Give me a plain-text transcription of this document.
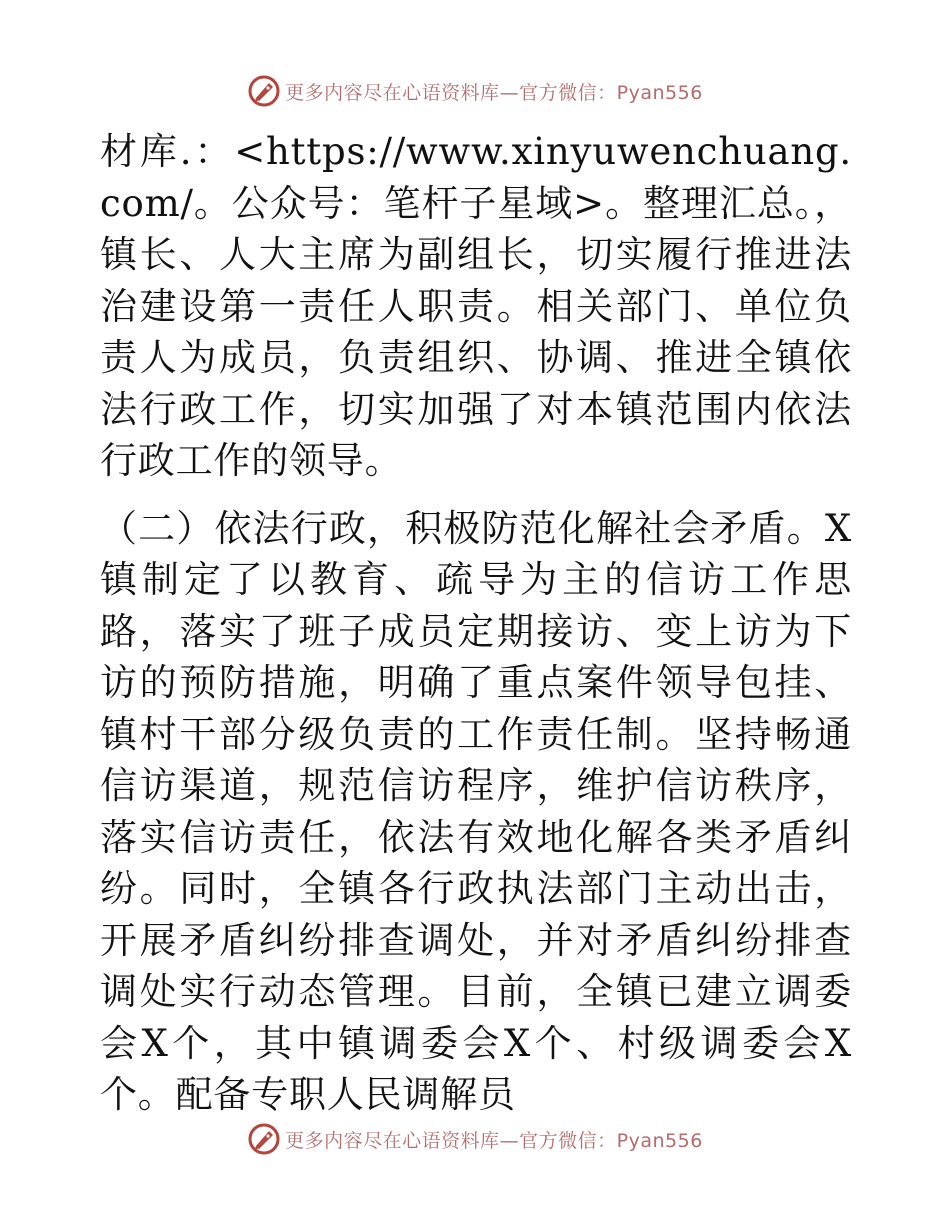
更多内容尽在心语资料库—官方微信：Pyan556

材库.：<https://www.xinyuwenchuang.com/。公众号：笔杆子星域>。整理汇总。，镇长、人大主席为副组长，切实履行推进法治建设第一责任人职责。相关部门、单位负责人为成员，负责组织、协调、推进全镇依法行政工作，切实加强了对本镇范围内依法行政工作的领导。

（二）依法行政，积极防范化解社会矛盾。X镇制定了以教育、疏导为主的信访工作思路，落实了班子成员定期接访、变上访为下访的预防措施，明确了重点案件领导包挂、镇村干部分级负责的工作责任制。坚持畅通信访渠道，规范信访程序，维护信访秩序，落实信访责任，依法有效地化解各类矛盾纠纷。同时，全镇各行政执法部门主动出击，开展矛盾纠纷排查调处，并对矛盾纠纷排查调处实行动态管理。目前，全镇已建立调委会X个，其中镇调委会X个、村级调委会X个。配备专职人民调解员

更多内容尽在心语资料库—官方微信：Pyan556
